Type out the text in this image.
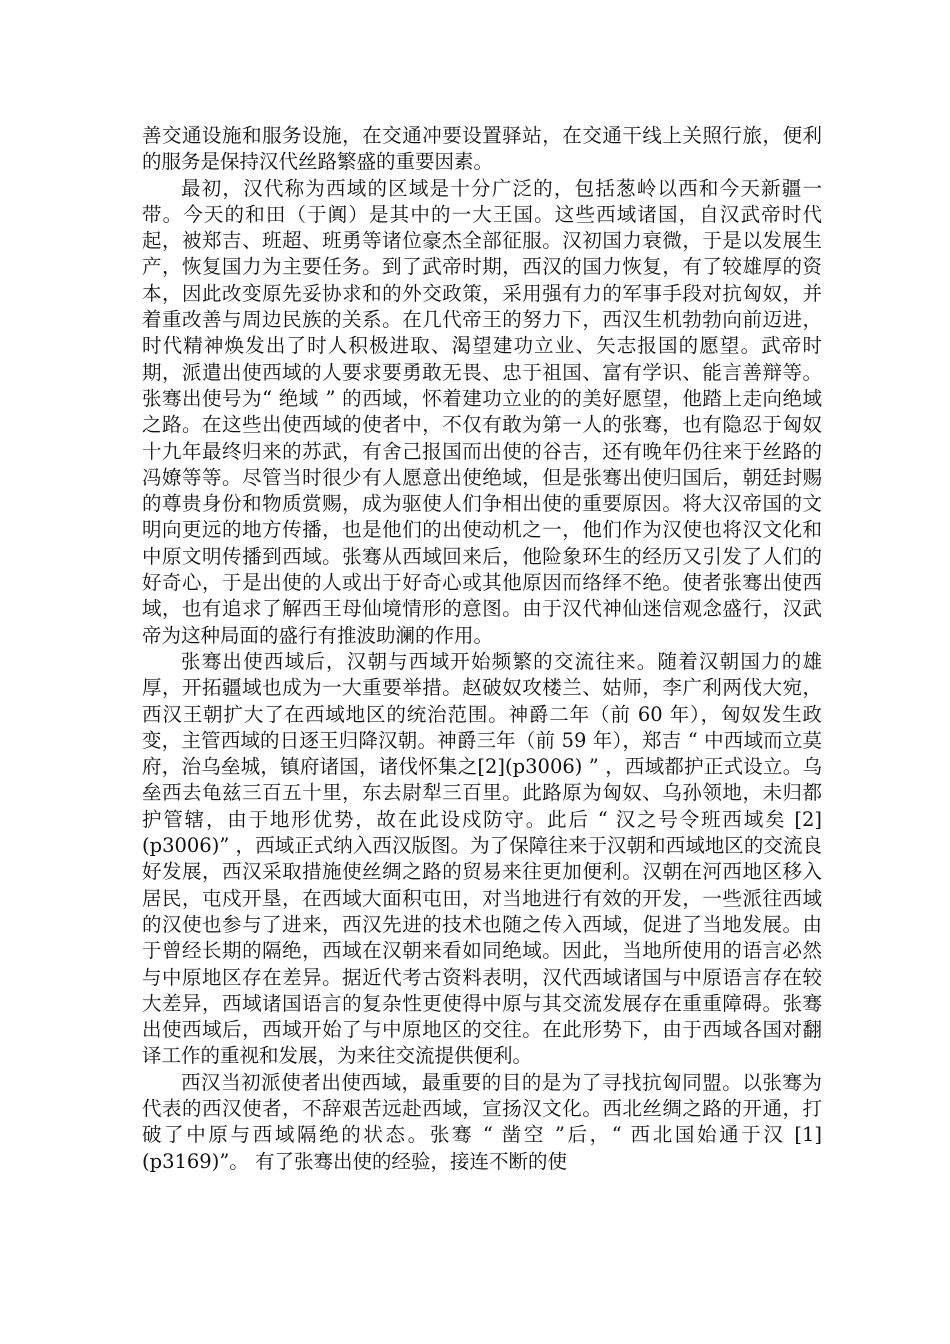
善交通设施和服务设施，在交通冲要设置驿站，在交通干线上关照行旅，便利的服务是保持汉代丝路繁盛的重要因素。

最初，汉代称为西域的区域是十分广泛的，包括葱岭以西和今天新疆一带。今天的和田（于阗）是其中的一大王国。这些西域诸国，自汉武帝时代起，被郑吉、班超、班勇等诸位豪杰全部征服。汉初国力衰微，于是以发展生产，恢复国力为主要任务。到了武帝时期，西汉的国力恢复，有了较雄厚的资本，因此改变原先妥协求和的外交政策，采用强有力的军事手段对抗匈奴，并着重改善与周边民族的关系。在几代帝王的努力下，西汉生机勃勃向前迈进，时代精神焕发出了时人积极进取、渴望建功立业、矢志报国的愿望。武帝时期，派遣出使西域的人要求要勇敢无畏、忠于祖国、富有学识、能言善辩等。张骞出使号为“ 绝域 ” 的西域，怀着建功立业的的美好愿望，他踏上走向绝域之路。在这些出使西域的使者中，不仅有敢为第一人的张骞，也有隐忍于匈奴十九年最终归来的苏武，有舍己报国而出使的谷吉，还有晚年仍往来于丝路的冯嫽等等。尽管当时很少有人愿意出使绝域，但是张骞出使归国后，朝廷封赐的尊贵身份和物质赏赐，成为驱使人们争相出使的重要原因。将大汉帝国的文明向更远的地方传播，也是他们的出使动机之一，他们作为汉使也将汉文化和中原文明传播到西域。张骞从西域回来后，他险象环生的经历又引发了人们的好奇心，于是出使的人或出于好奇心或其他原因而络绎不绝。使者张骞出使西域，也有追求了解西王母仙境情形的意图。由于汉代神仙迷信观念盛行，汉武帝为这种局面的盛行有推波助澜的作用。

张骞出使西域后，汉朝与西域开始频繁的交流往来。随着汉朝国力的雄厚，开拓疆域也成为一大重要举措。赵破奴攻楼兰、姑师，李广利两伐大宛，西汉王朝扩大了在西域地区的统治范围。神爵二年（前 60 年），匈奴发生政变，主管西域的日逐王归降汉朝。神爵三年（前 59 年），郑吉 “ 中西域而立莫府，治乌垒城，镇府诸国，诸伐怀集之[2](p3006) ” ，西域都护正式设立。乌垒西去龟兹三百五十里，东去尉犁三百里。此路原为匈奴、乌孙领地，未归都护管辖，由于地形优势，故在此设戍防守。此后 “ 汉之号令班西域矣 [2](p3006)” ，西域正式纳入西汉版图。为了保障往来于汉朝和西域地区的交流良好发展，西汉采取措施使丝绸之路的贸易来往更加便利。汉朝在河西地区移入居民，屯戍开垦，在西域大面积屯田，对当地进行有效的开发，一些派往西域的汉使也参与了进来，西汉先进的技术也随之传入西域，促进了当地发展。由于曾经长期的隔绝，西域在汉朝来看如同绝域。因此，当地所使用的语言必然与中原地区存在差异。据近代考古资料表明，汉代西域诸国与中原语言存在较大差异，西域诸国语言的复杂性更使得中原与其交流发展存在重重障碍。张骞出使西域后，西域开始了与中原地区的交往。在此形势下，由于西域各国对翻译工作的重视和发展，为来往交流提供便利。

西汉当初派使者出使西域，最重要的目的是为了寻找抗匈同盟。以张骞为代表的西汉使者，不辞艰苦远赴西域，宣扬汉文化。西北丝绸之路的开通，打破了中原与西域隔绝的状态。张骞 “ 凿空 ”后，“ 西北国始通于汉 [1](p3169)”。 有了张骞出使的经验，接连不断的使
